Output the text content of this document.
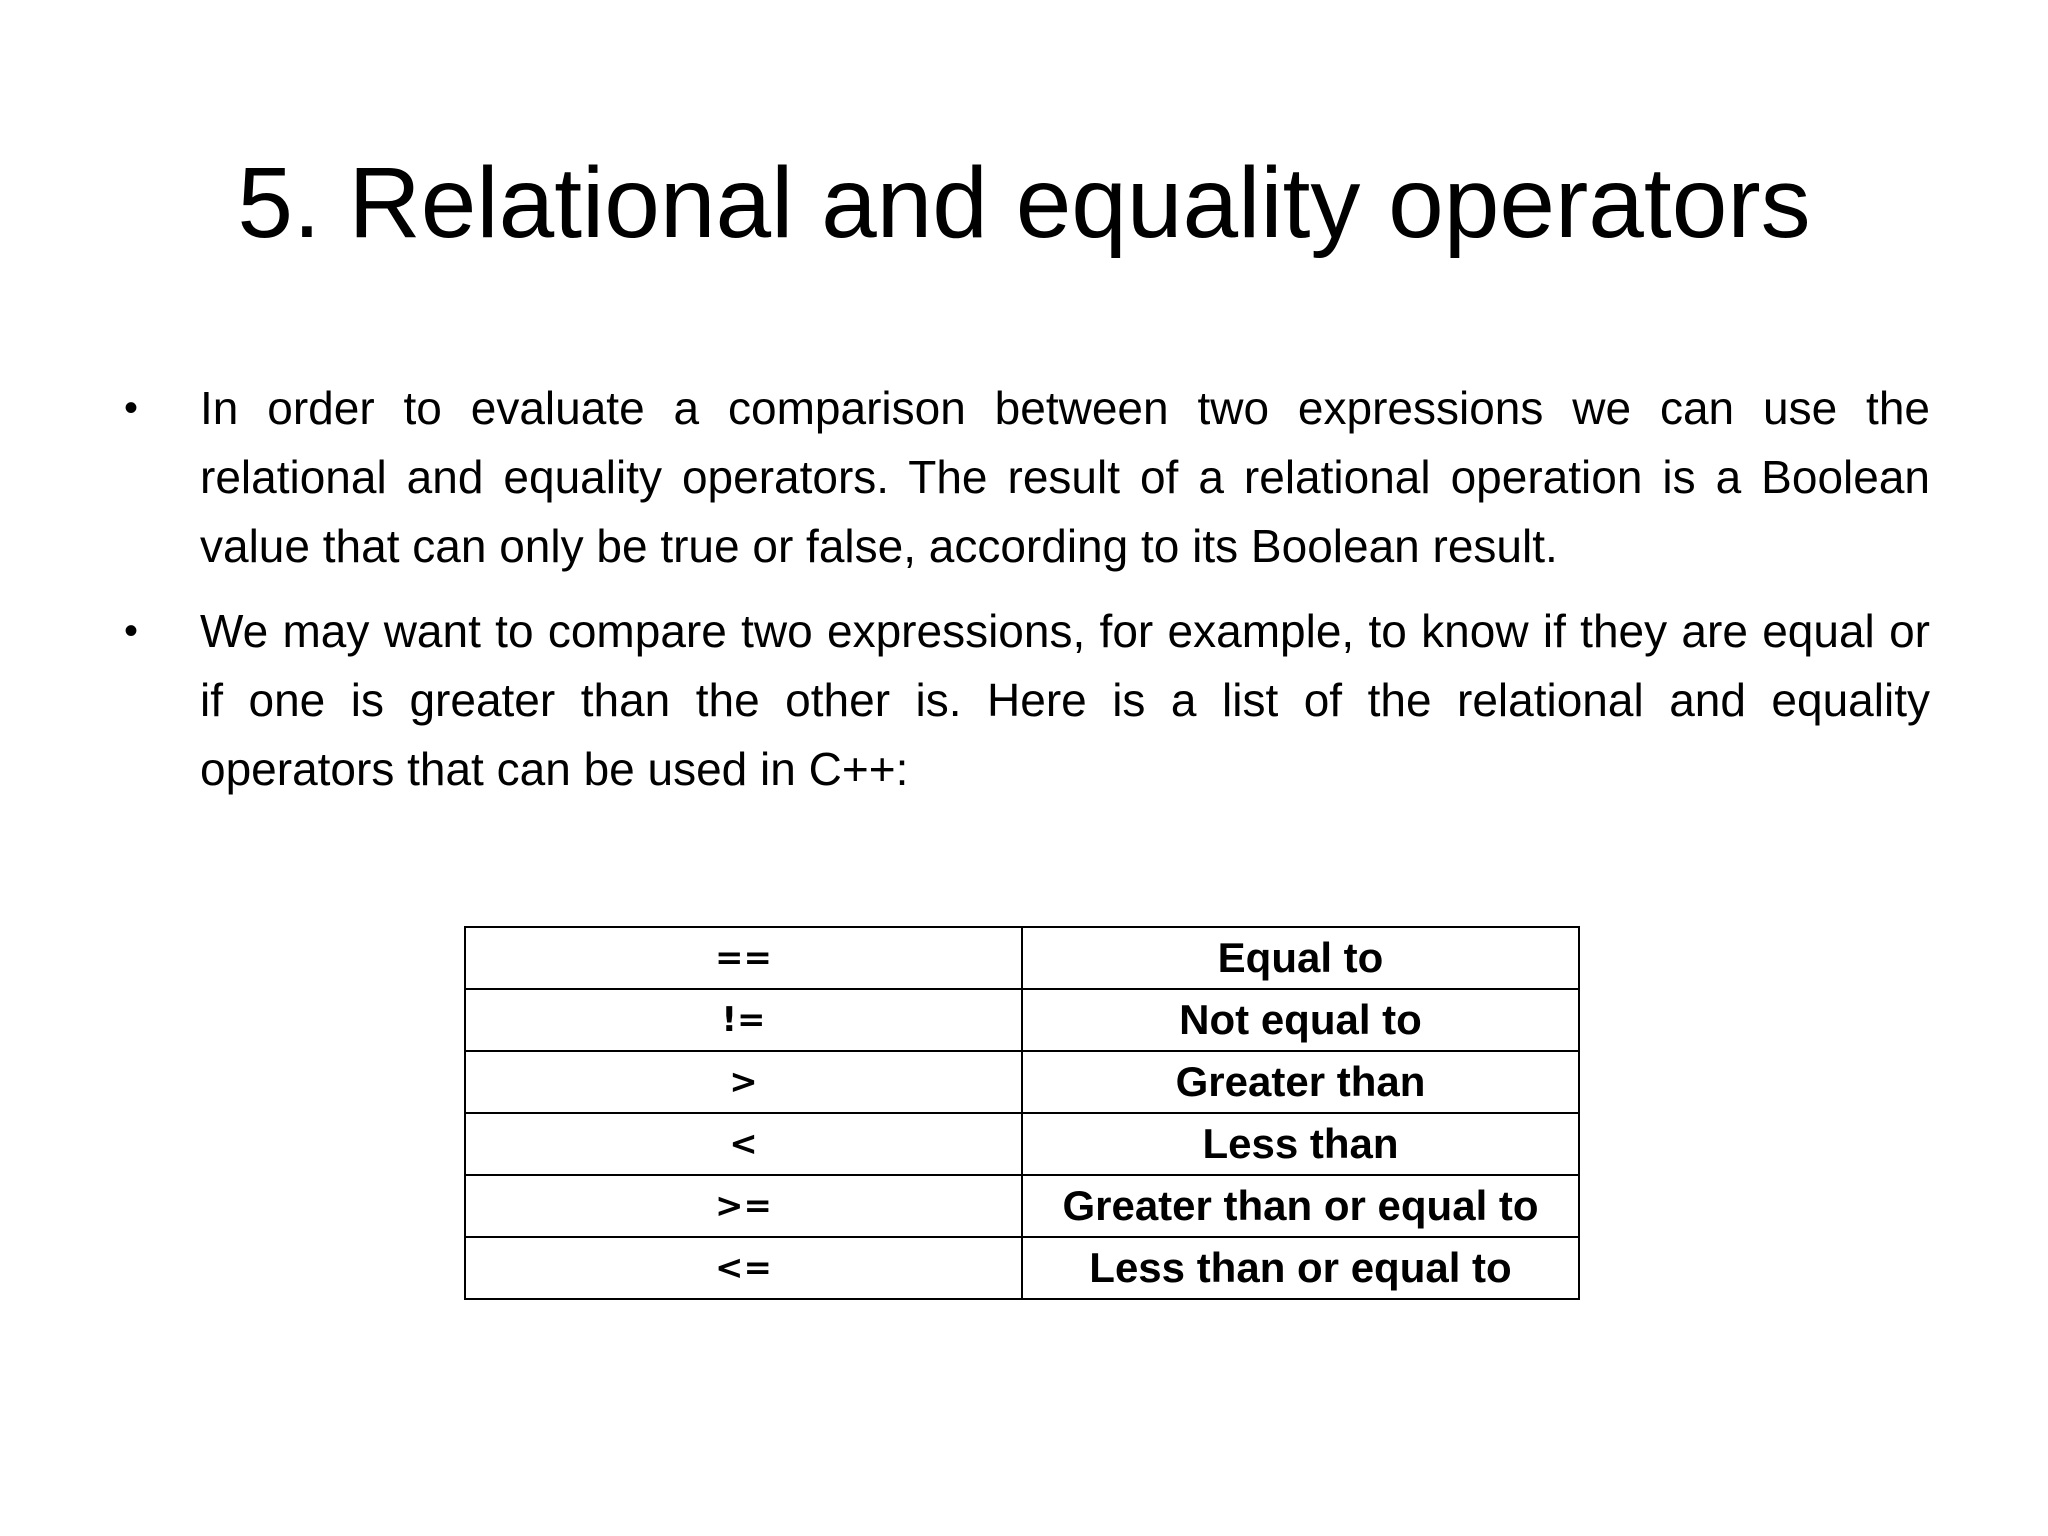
5. Relational and equality operators
• In order to evaluate a comparison between two expressions we can use the relational and equality operators. The result of a relational operation is a Boolean value that can only be true or false, according to its Boolean result.
• We may want to compare two expressions, for example, to know if they are equal or if one is greater than the other is. Here is a list of the relational and equality operators that can be used in C++:
==	Equal to
!=	Not equal to
>	Greater than
<	Less than
>=	Greater than or equal to
<=	Less than or equal to
